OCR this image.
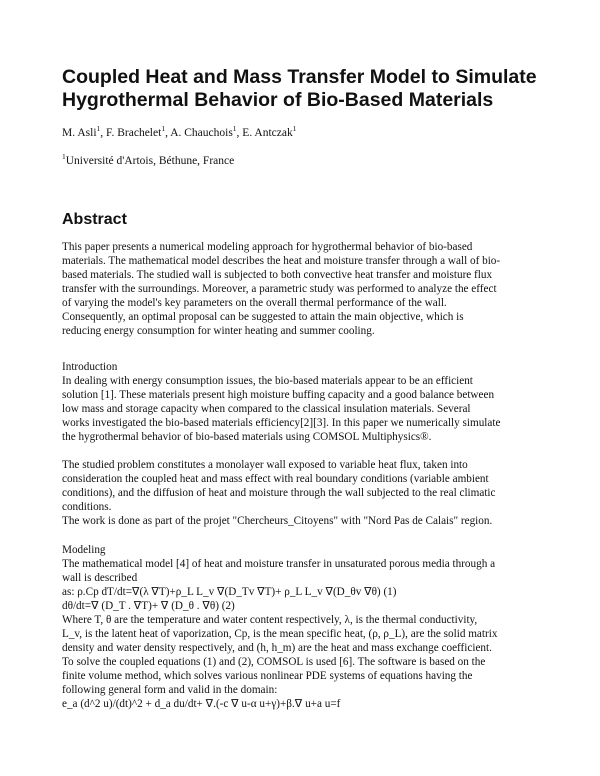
Coupled Heat and Mass Transfer Model to Simulate Hygrothermal Behavior of Bio-Based Materials
M. Asli$^1$, F. Brachelet$^1$, A. Chauchois$^1$, E. Antczak$^1$
$^1$Université d'Artois, Béthune, France
Abstract
This paper presents a numerical modeling approach for hygrothermal behavior of bio-based
materials. The mathematical model describes the heat and moisture transfer through a wall of bio-
based materials. The studied wall is subjected to both convective heat transfer and moisture flux
transfer with the surroundings. Moreover, a parametric study was performed to analyze the effect
of varying the model's key parameters on the overall thermal performance of the wall.
Consequently, an optimal proposal can be suggested to attain the main objective, which is
reducing energy consumption for winter heating and summer cooling.
Introduction
In dealing with energy consumption issues, the bio-based materials appear to be an efficient
solution [1]. These materials present high moisture buffing capacity and a good balance between
low mass and storage capacity when compared to the classical insulation materials. Several
works investigated the bio-based materials efficiency[2][3]. In this paper we numerically simulate
the hygrothermal behavior of bio-based materials using COMSOL Multiphysics®.
The studied problem constitutes a monolayer wall exposed to variable heat flux, taken into
consideration the coupled heat and mass effect with real boundary conditions (variable ambient
conditions), and the diffusion of heat and moisture through the wall subjected to the real climatic
conditions.
The work is done as part of the projet "Chercheurs_Citoyens" with "Nord Pas de Calais" region.
Modeling
The mathematical model [4] of heat and moisture transfer in unsaturated porous media through a
wall is described
as: ρ.Cp dT/dt=∇(λ ∇T)+ρ_L L_v ∇(D_Tv ∇T)+ ρ_L L_v ∇(D_θv ∇θ) (1)
dθ/dt=∇ (D_T . ∇T)+ ∇ (D_θ . ∇θ) (2)
Where T, θ are the temperature and water content respectively, λ, is the thermal conductivity,
L_v, is the latent heat of vaporization, Cp, is the mean specific heat, (ρ, ρ_L), are the solid matrix
density and water density respectively, and (h, h_m) are the heat and mass exchange coefficient.
To solve the coupled equations (1) and (2), COMSOL is used [6]. The software is based on the
finite volume method, which solves various nonlinear PDE systems of equations having the
following general form and valid in the domain:
e_a (d^2 u)/(dt)^2 + d_a du/dt+ ∇.(-c ∇ u-α u+γ)+β.∇ u+a u=f
